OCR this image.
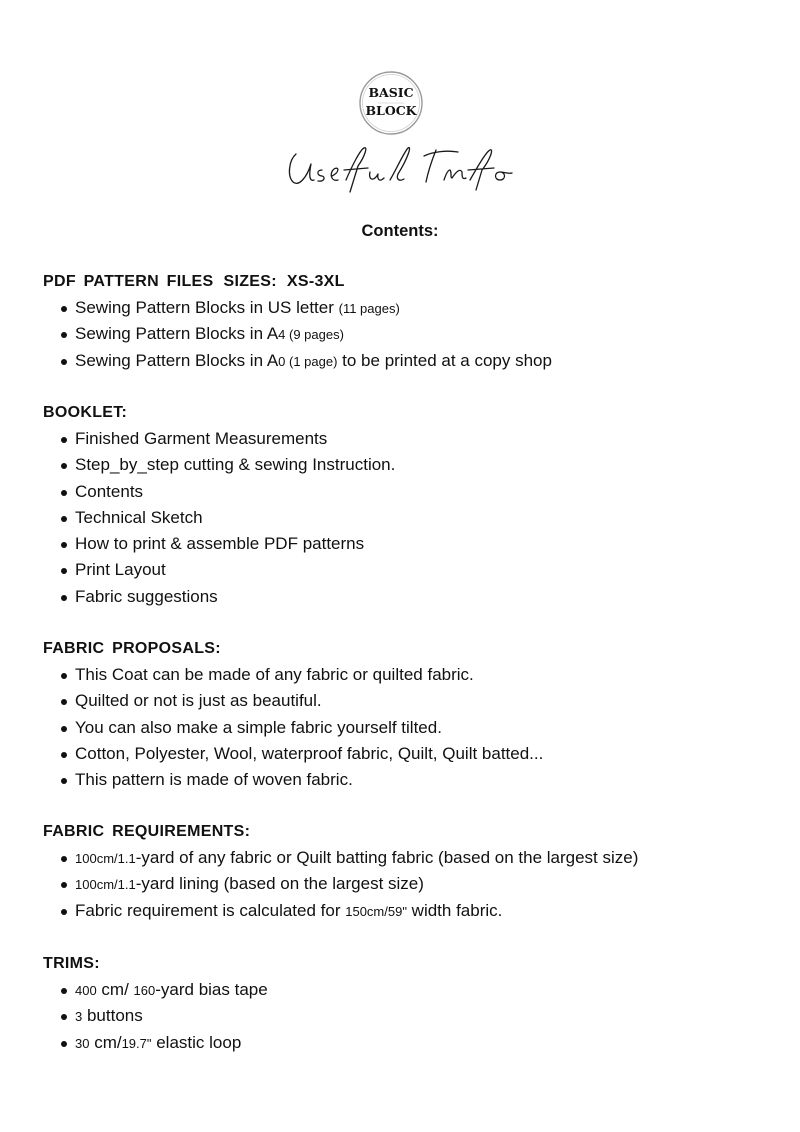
BASIC
BLOCK
Contents:
PDF PATTERN FILES SIZES: XS-3XL
Sewing Pattern Blocks in US letter (11 pages)
Sewing Pattern Blocks in A4 (9 pages)
Sewing Pattern Blocks in A0 (1 page) to be printed at a copy shop
BOOKLET:
Finished Garment Measurements
Step_by_step cutting & sewing Instruction.
Contents
Technical Sketch
How to print & assemble PDF patterns
Print Layout
Fabric suggestions
FABRIC PROPOSALS:
This Coat can be made of any fabric or quilted fabric.
Quilted or not is just as beautiful.
You can also make a simple fabric yourself tilted.
Cotton, Polyester, Wool, waterproof fabric, Quilt, Quilt batted...
This pattern is made of woven fabric.
FABRIC REQUIREMENTS:
100cm/1.1-yard of any fabric or Quilt batting fabric (based on the largest size)
100cm/1.1-yard lining (based on the largest size)
Fabric requirement is calculated for 150cm/59" width fabric.
TRIMS:
400 cm/ 160-yard bias tape
3 buttons
30 cm/19.7" elastic loop
